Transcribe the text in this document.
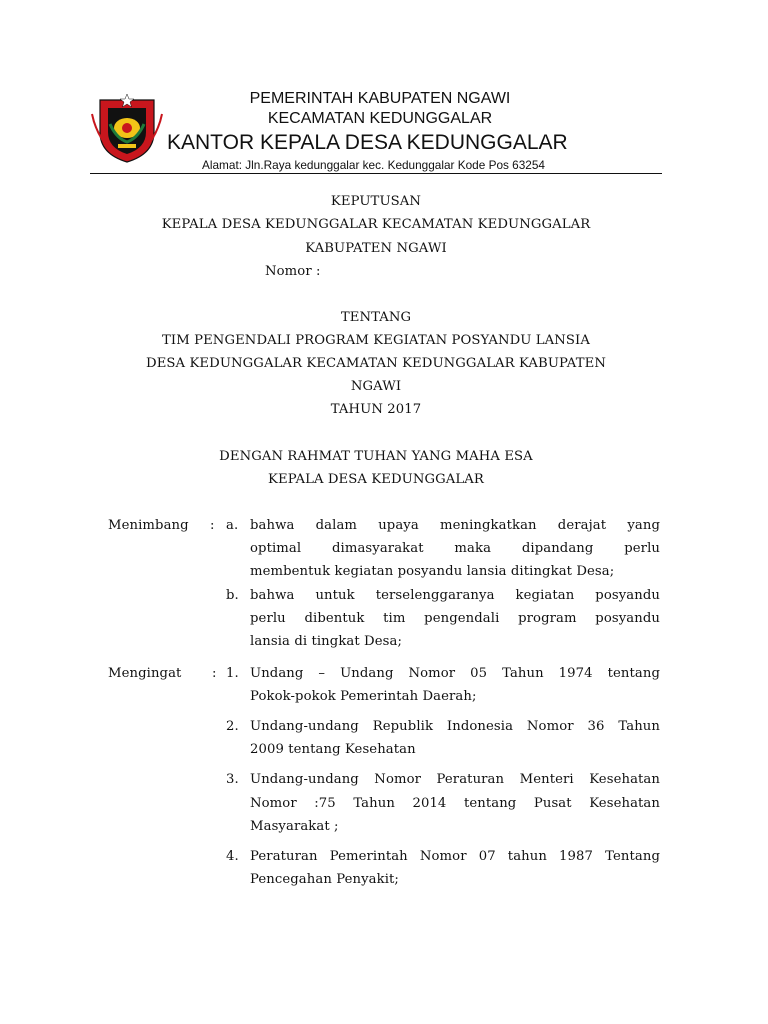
PEMERINTAH KABUPATEN NGAWI
KECAMATAN KEDUNGGALAR
KANTOR KEPALA DESA KEDUNGGALAR
Alamat: Jln.Raya kedunggalar kec. Kedunggalar Kode Pos 63254
KEPUTUSAN
KEPALA DESA KEDUNGGALAR KECAMATAN KEDUNGGALAR
KABUPATEN NGAWI
Nomor :
TENTANG
TIM PENGENDALI PROGRAM KEGIATAN POSYANDU LANSIA
DESA KEDUNGGALAR KECAMATAN KEDUNGGALAR KABUPATEN
NGAWI
TAHUN 2017
DENGAN RAHMAT TUHAN YANG MAHA ESA
KEPALA DESA KEDUNGGALAR
Menimbang : a. bahwa dalam upaya meningkatkan derajat yang
optimal dimasyarakat maka dipandang perlu
membentuk kegiatan posyandu lansia ditingkat Desa;
b. bahwa untuk terselenggaranya kegiatan posyandu
perlu dibentuk tim pengendali program posyandu
lansia di tingkat Desa;
Mengingat : 1. Undang – Undang Nomor 05 Tahun 1974 tentang
Pokok-pokok Pemerintah Daerah;
2. Undang-undang Republik Indonesia Nomor 36 Tahun
2009 tentang Kesehatan
3. Undang-undang Nomor Peraturan Menteri Kesehatan
Nomor :75 Tahun 2014 tentang Pusat Kesehatan
Masyarakat ;
4. Peraturan Pemerintah Nomor 07 tahun 1987 Tentang
Pencegahan Penyakit;
